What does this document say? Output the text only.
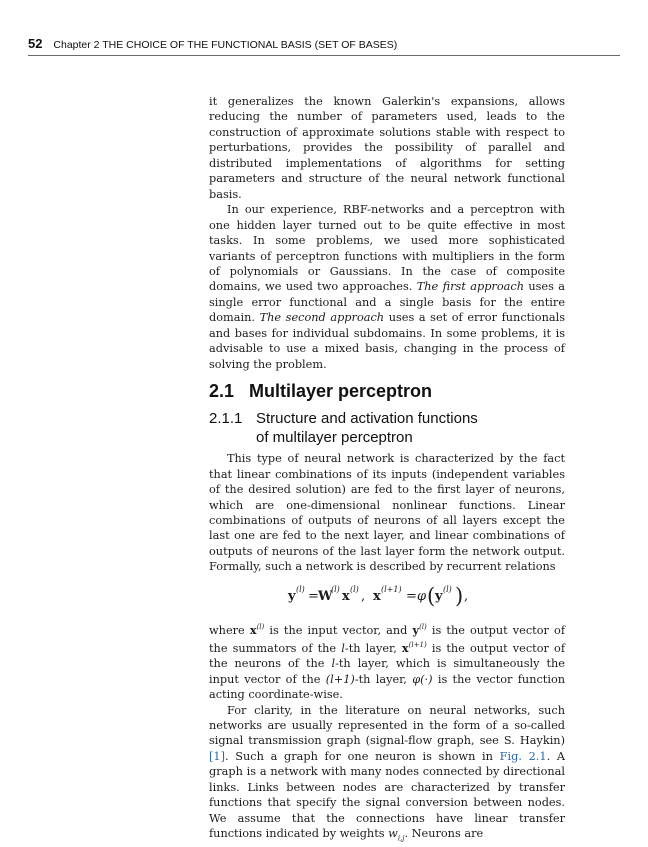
52 Chapter 2 THE CHOICE OF THE FUNCTIONAL BASIS (SET OF BASES)

it generalizes the known Galerkin's expansions, allows reducing the number of parameters used, leads to the construction of approximate solutions stable with respect to perturbations, provides the possibility of parallel and distributed implementations of algorithms for setting parameters and structure of the neural network functional basis.

In our experience, RBF-networks and a perceptron with one hidden layer turned out to be quite effective in most tasks. In some problems, we used more sophisticated variants of perceptron functions with multipliers in the form of polynomials or Gaussians. In the case of composite domains, we used two approaches. The first approach uses a single error functional and a single basis for the entire domain. The second approach uses a set of error functionals and bases for individual subdomains. In some problems, it is advisable to use a mixed basis, changing in the process of solving the problem.

2.1 Multilayer perceptron
2.1.1 Structure and activation functions
of multilayer perceptron

This type of neural network is characterized by the fact that linear combinations of its inputs (independent variables of the desired solution) are fed to the first layer of neurons, which are one-dimensional nonlinear functions. Linear combinations of outputs of neurons of all layers except the last one are fed to the next layer, and linear combinations of outputs of neurons of the last layer form the network output. Formally, such a network is described by recurrent relations

y (l) = W
(l) x (l) , x (l+1) = φ ( y (l) ) ,

where $x^{(l)}$ is the input vector, and $y^{(l)}$ is the output vector of the summators of the l-th layer, $x^{(l+1)}$ is the output vector of the neurons of the l-th layer, which is simultaneously the input vector of the (l+1)-th layer, φ(·) is the vector function acting coordinate-wise.

For clarity, in the literature on neural networks, such networks are usually represented in the form of a so-called signal transmission graph (signal-flow graph, see S. Haykin) [1]. Such a graph for one neuron is shown in Fig. 2.1. A graph is a network with many nodes connected by directional links. Links between nodes are characterized by transfer functions that specify the signal conversion between nodes. We assume that the connections have linear transfer functions indicated by weights $w_{i,j}$. Neurons are
